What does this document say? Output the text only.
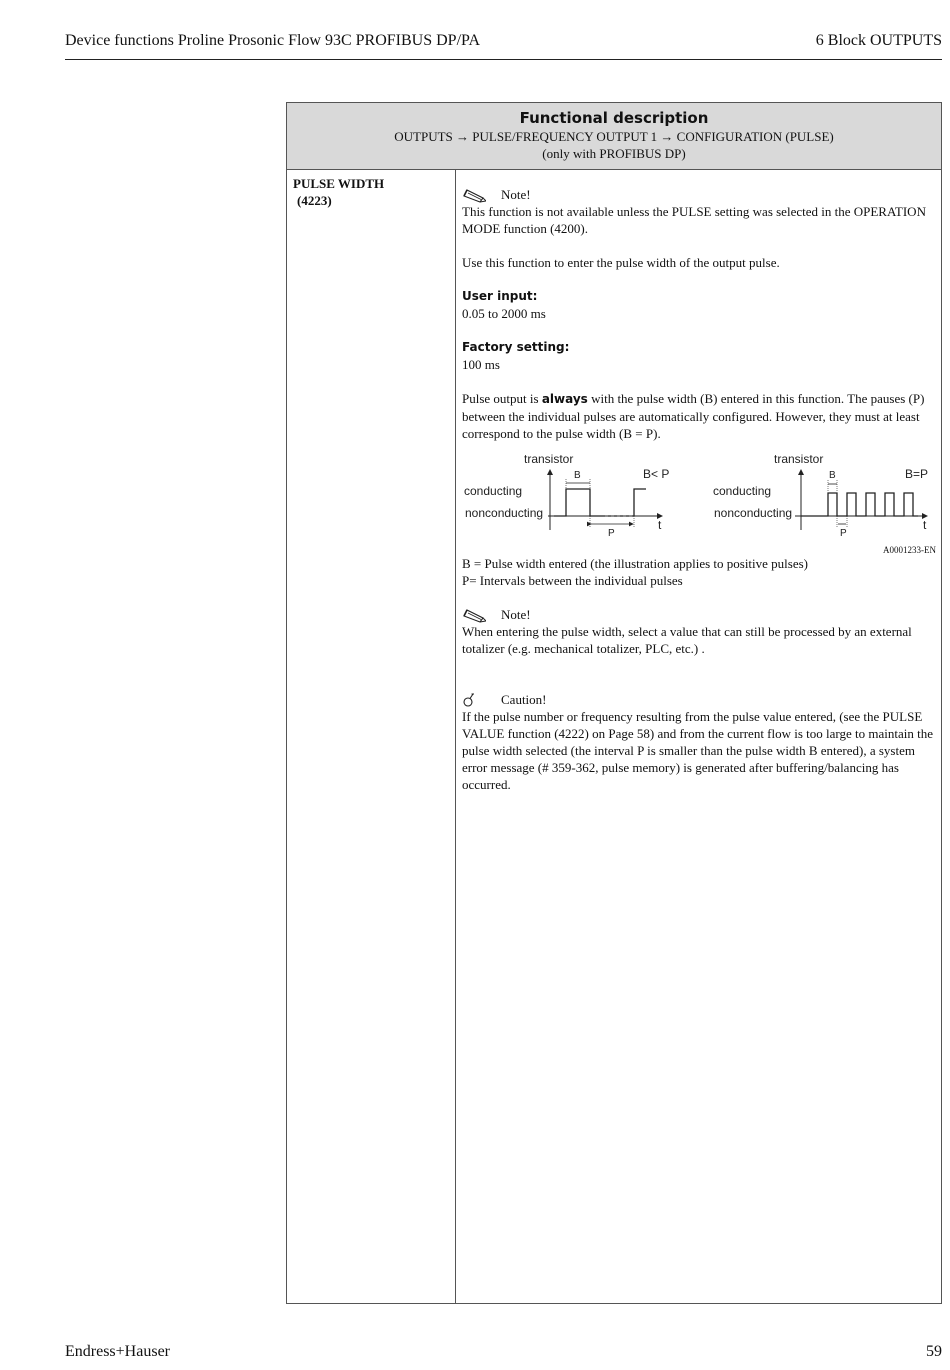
Device functions Proline Prosonic Flow 93C PROFIBUS DP/PA	6 Block OUTPUTS
Functional description
OUTPUTS → PULSE/FREQUENCY OUTPUT 1 → CONFIGURATION (PULSE)
(only with PROFIBUS DP)
PULSE WIDTH
(4223)	Note!

This function is not available unless the PULSE setting was selected in the OPERATION MODE function (4200).

Use this function to enter the pulse width of the output pulse.

User input:

0.05 to 2000 ms

Factory setting:

100 ms

Pulse output is always with the pulse width (B) entered in this function. The pauses (P) between the individual pulses are automatically configured. However, they must at least correspond to the pulse width (B = P).

transistor
conducting
nonconducting
B< P
B
P
t
transistor
conducting
nonconducting
B=P
B
P
t
A0001233-EN

B = Pulse width entered (the illustration applies to positive pulses)

P= Intervals between the individual pulses

Note!

When entering the pulse width, select a value that can still be processed by an external totalizer (e.g. mechanical totalizer, PLC, etc.) .

Caution!

If the pulse number or frequency resulting from the pulse value entered, (see the PULSE VALUE function (4222) on Page 58) and from the current flow is too large to maintain the pulse width selected (the interval P is smaller than the pulse width B entered), a system error message (# 359-362, pulse memory) is generated after buffering/balancing has occurred.

Endress+Hauser	59
